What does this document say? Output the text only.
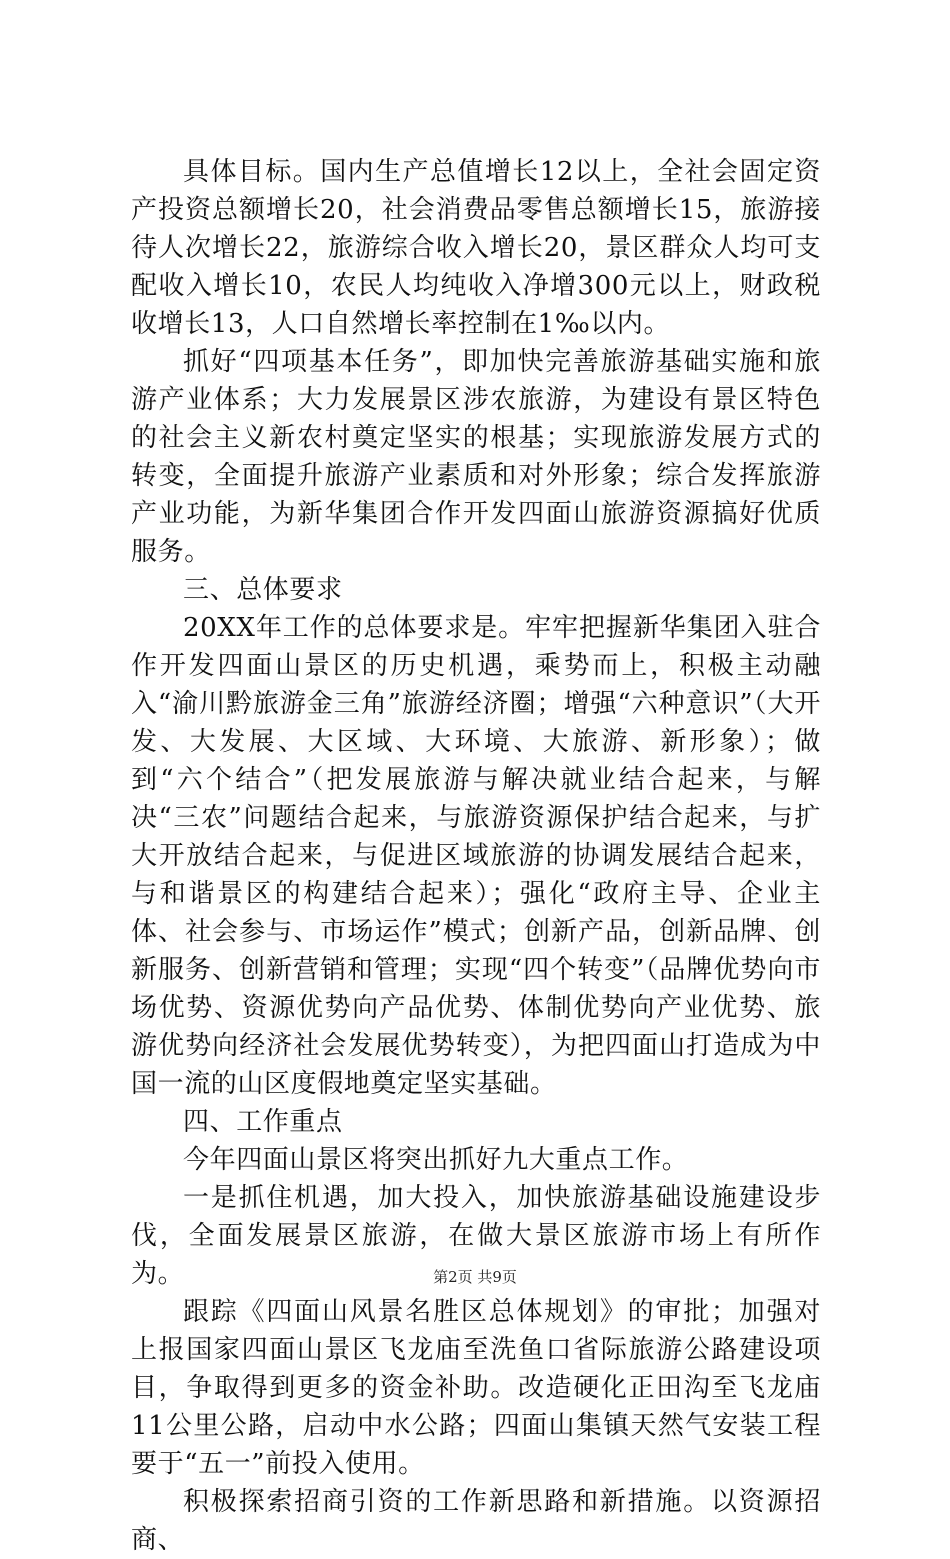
具体目标。国内生产总值增长12以上，全社会固定资产投资总额增长20，社会消费品零售总额增长15，旅游接待人次增长22，旅游综合收入增长20，景区群众人均可支配收入增长10，农民人均纯收入净增300元以上，财政税收增长13，人口自然增长率控制在1‰以内。

抓好“四项基本任务”，即加快完善旅游基础实施和旅游产业体系；大力发展景区涉农旅游，为建设有景区特色的社会主义新农村奠定坚实的根基；实现旅游发展方式的转变，全面提升旅游产业素质和对外形象；综合发挥旅游产业功能，为新华集团合作开发四面山旅游资源搞好优质服务。

三、总体要求

20XX年工作的总体要求是。牢牢把握新华集团入驻合作开发四面山景区的历史机遇，乘势而上，积极主动融入“渝川黔旅游金三角”旅游经济圈；增强“六种意识”（大开发、大发展、大区域、大环境、大旅游、新形象）；做到“六个结合”（把发展旅游与解决就业结合起来，与解决“三农”问题结合起来，与旅游资源保护结合起来，与扩大开放结合起来，与促进区域旅游的协调发展结合起来，与和谐景区的构建结合起来）；强化“政府主导、企业主体、社会参与、市场运作”模式；创新产品，创新品牌、创新服务、创新营销和管理；实现“四个转变”（品牌优势向市场优势、资源优势向产品优势、体制优势向产业优势、旅游优势向经济社会发展优势转变），为把四面山打造成为中国一流的山区度假地奠定坚实基础。

四、工作重点

今年四面山景区将突出抓好九大重点工作。

一是抓住机遇，加大投入，加快旅游基础设施建设步伐，全面发展景区旅游，在做大景区旅游市场上有所作为。

跟踪《四面山风景名胜区总体规划》的审批；加强对上报国家四面山景区飞龙庙至洗鱼口省际旅游公路建设项目，争取得到更多的资金补助。改造硬化正田沟至飞龙庙11公里公路，启动中水公路；四面山集镇天然气安装工程要于“五一”前投入使用。

积极探索招商引资的工作新思路和新措施。以资源招商、

第2页 共9页
